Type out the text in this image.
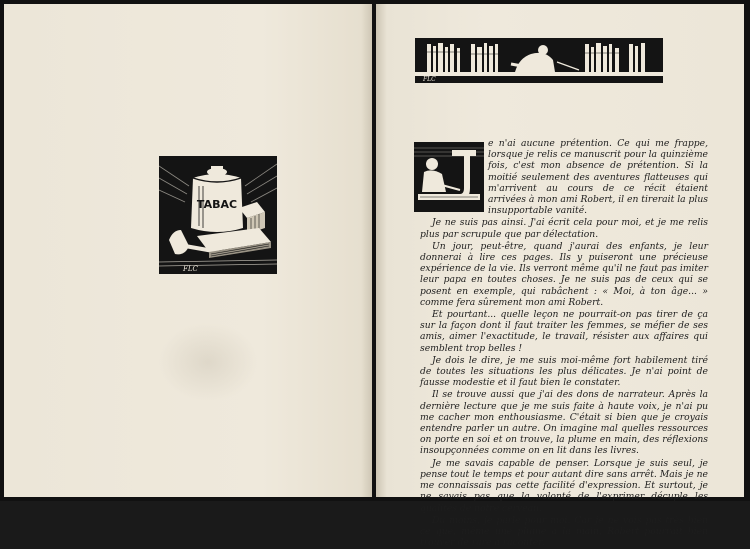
TABAC
FLC
FLC

e n'ai aucune prétention. Ce qui me frappe, lorsque je relis ce manuscrit pour la quinzième fois, c'est mon absence de prétention. Si la moitié seulement des aventures flatteuses qui m'arrivent au cours de ce récit étaient arrivées à mon ami Robert, il en tirerait la plus insupportable vanité.

Je ne suis pas ainsi. J'ai écrit cela pour moi, et je me relis plus par scrupule que par délectation.

Un jour, peut-être, quand j'aurai des enfants, je leur donnerai à lire ces pages. Ils y puiseront une précieuse expérience de la vie. Ils verront même qu'il ne faut pas imiter leur papa en toutes choses. Je ne suis pas de ceux qui se posent en exemple, qui rabâchent : « Moi, à ton âge... » comme fera sûrement mon ami Robert.

Et pourtant... quelle leçon ne pourrait-on pas tirer de ça sur la façon dont il faut traiter les femmes, se méfier de ses amis, aimer l'exactitude, le travail, résister aux affaires qui semblent trop belles !

Je dois le dire, je me suis moi-même fort habilement tiré de toutes les situations les plus délicates. Je n'ai point de fausse modestie et il faut bien le constater.

Il se trouve aussi que j'ai des dons de narrateur. Après la dernière lecture que je me suis faite à haute voix, je n'ai pu me cacher mon enthousiasme. C'était si bien que je croyais entendre parler un autre. On imagine mal quelles ressources on porte en soi et on trouve, la plume en main, des réflexions insoupçonnées comme on en lit dans les livres.

Je me savais capable de penser. Lorsque je suis seul, je pense tout le temps et pour autant dire sans arrêt. Mais je ne me connaissais pas cette facilité d'expression. Et surtout, je ne savais pas que la volonté de l'exprimer décuple les qualités de notre cerveau.

Du moins, je parle pour moi. Car je ne vois pas très bien ce que, même une plume à la main, Robert pourrait bien trouver de rare à raconter.
